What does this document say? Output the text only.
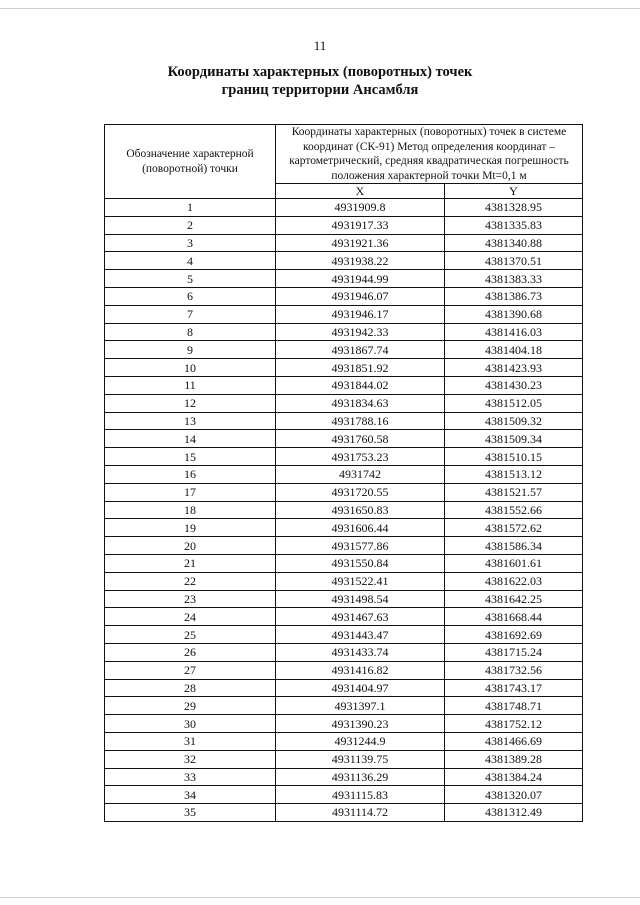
11
Координаты характерных (поворотных) точек
границ территории Ансамбля
Обозначение характерной (поворотной) точки	Координаты характерных (поворотных) точек в системе координат (СК-91) Метод определения координат – картометрический, средняя квадратическая погрешность положения характерной точки Mt=0,1 м	
	X	Y
1	4931909.8	4381328.95
2	4931917.33	4381335.83
3	4931921.36	4381340.88
4	4931938.22	4381370.51
5	4931944.99	4381383.33
6	4931946.07	4381386.73
7	4931946.17	4381390.68
8	4931942.33	4381416.03
9	4931867.74	4381404.18
10	4931851.92	4381423.93
11	4931844.02	4381430.23
12	4931834.63	4381512.05
13	4931788.16	4381509.32
14	4931760.58	4381509.34
15	4931753.23	4381510.15
16	4931742	4381513.12
17	4931720.55	4381521.57
18	4931650.83	4381552.66
19	4931606.44	4381572.62
20	4931577.86	4381586.34
21	4931550.84	4381601.61
22	4931522.41	4381622.03
23	4931498.54	4381642.25
24	4931467.63	4381668.44
25	4931443.47	4381692.69
26	4931433.74	4381715.24
27	4931416.82	4381732.56
28	4931404.97	4381743.17
29	4931397.1	4381748.71
30	4931390.23	4381752.12
31	4931244.9	4381466.69
32	4931139.75	4381389.28
33	4931136.29	4381384.24
34	4931115.83	4381320.07
35	4931114.72	4381312.49
